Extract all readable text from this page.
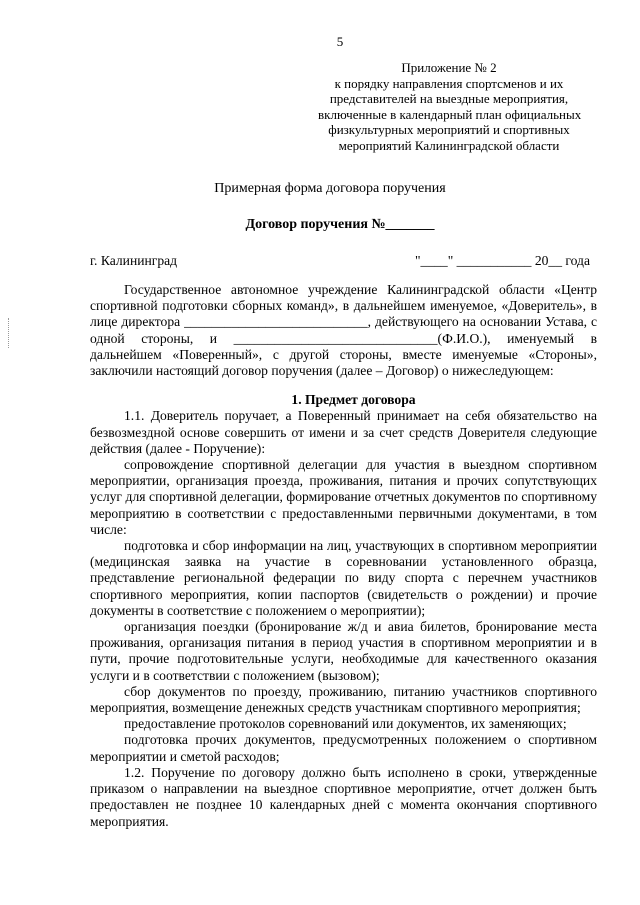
5
Приложение № 2
к порядку направления спортсменов и их
представителей на выездные мероприятия,
включенные в календарный план официальных
физкультурных мероприятий и спортивных
мероприятий Калининградской области
Примерная форма договора поручения
Договор поручения №_______
г. Калининград	"____" ___________ 20__ года

Государственное автономное учреждение Калининградской области «Центр спортивной подготовки сборных команд», в дальнейшем именуемое, «Доверитель», в лице директора ___________________________, действующего на основании Устава, с одной стороны, и ______________________________(Ф.И.О.), именуемый в дальнейшем «Поверенный», с другой стороны, вместе именуемые «Стороны», заключили настоящий договор поручения (далее – Договор) о нижеследующем:

1. Предмет договора

1.1. Доверитель поручает, а Поверенный принимает на себя обязательство на безвозмездной основе совершить от имени и за счет средств Доверителя следующие действия (далее - Поручение):

сопровождение спортивной делегации для участия в выездном спортивном мероприятии, организация проезда, проживания, питания и прочих сопутствующих услуг для спортивной делегации, формирование отчетных документов по спортивному мероприятию в соответствии с предоставленными первичными документами, в том числе:

подготовка и сбор информации на лиц, участвующих в спортивном мероприятии (медицинская заявка на участие в соревновании установленного образца, представление региональной федерации по виду спорта с перечнем участников спортивного мероприятия, копии паспортов (свидетельств о рождении) и прочие документы в соответствие с положением о мероприятии);

организация поездки (бронирование ж/д и авиа билетов, бронирование места проживания, организация питания в период участия в спортивном мероприятии и в пути, прочие подготовительные услуги, необходимые для качественного оказания услуги и в соответствии с положением (вызовом);

сбор документов по проезду, проживанию, питанию участников спортивного мероприятия, возмещение денежных средств участникам спортивного мероприятия;

предоставление протоколов соревнований или документов, их заменяющих;

подготовка прочих документов, предусмотренных положением о спортивном мероприятии и сметой расходов;

1.2. Поручение по договору должно быть исполнено в сроки, утвержденные приказом о направлении на выездное спортивное мероприятие, отчет должен быть предоставлен не позднее 10 календарных дней с момента окончания спортивного мероприятия.
